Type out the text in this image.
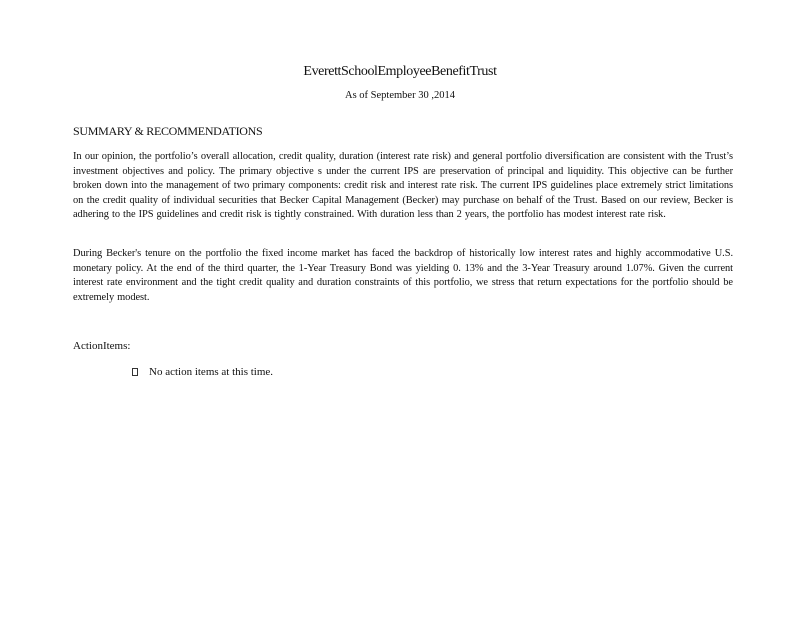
EverettSchoolEmployeeBenefitTrust
As of September 30 ,2014
SUMMARY & RECOMMENDATIONS
In our opinion, the portfolio’s overall allocation, credit quality, duration (interest rate risk) and general portfolio diversification are consistent with the Trust’s investment objectives and policy. The primary objective s under the current IPS are preservation of principal and liquidity. This objective can be further broken down into the management of two primary components: credit risk and interest rate risk. The current IPS guidelines place extremely strict limitations on the credit quality of individual securities that Becker Capital Management (Becker) may purchase on behalf of the Trust. Based on our review, Becker is adhering to the IPS guidelines and credit risk is tightly constrained. With duration less than 2 years, the portfolio has modest interest rate risk.
During Becker's tenure on the portfolio the fixed income market has faced the backdrop of historically low interest rates and highly accommodative U.S. monetary policy. At the end of the third quarter, the 1-Year Treasury Bond was yielding 0. 13% and the 3-Year Treasury around 1.07%. Given the current interest rate environment and the tight credit quality and duration constraints of this portfolio, we stress that return expectations for the portfolio should be extremely modest.
ActionItems:
No action items at this time.
